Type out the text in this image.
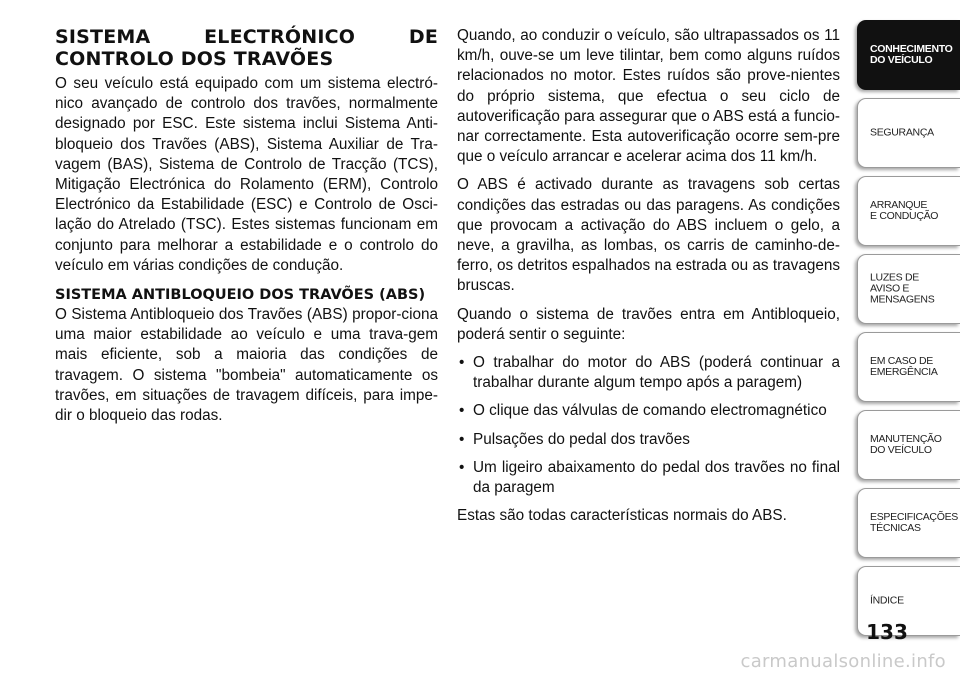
SISTEMA ELECTRÓNICO DE CONTROLO DOS TRAVÕES

O seu veículo está equipado com um sistema electró-nico avançado de controlo dos travões, normalmente designado por ESC. Este sistema inclui Sistema Anti-bloqueio dos Travões (ABS), Sistema Auxiliar de Tra-vagem (BAS), Sistema de Controlo de Tracção (TCS), Mitigação Electrónica do Rolamento (ERM), Controlo Electrónico da Estabilidade (ESC) e Controlo de Osci-lação do Atrelado (TSC). Estes sistemas funcionam em conjunto para melhorar a estabilidade e o controlo do veículo em várias condições de condução.

SISTEMA ANTIBLOQUEIO DOS TRAVÕES (ABS)

O Sistema Antibloqueio dos Travões (ABS) propor-ciona uma maior estabilidade ao veículo e uma trava-gem mais eficiente, sob a maioria das condições de travagem. O sistema "bombeia" automaticamente os travões, em situações de travagem difíceis, para impe-dir o bloqueio das rodas.

Quando, ao conduzir o veículo, são ultrapassados os 11 km/h, ouve-se um leve tilintar, bem como alguns ruídos relacionados no motor. Estes ruídos são prove-nientes do próprio sistema, que efectua o seu ciclo de autoverificação para assegurar que o ABS está a funcio-nar correctamente. Esta autoverificação ocorre sem-pre que o veículo arrancar e acelerar acima dos 11 km/h.

O ABS é activado durante as travagens sob certas condições das estradas ou das paragens. As condições que provocam a activação do ABS incluem o gelo, a neve, a gravilha, as lombas, os carris de caminho-de-ferro, os detritos espalhados na estrada ou as travagens bruscas.

Quando o sistema de travões entra em Antibloqueio, poderá sentir o seguinte:

• O trabalhar do motor do ABS (poderá continuar a trabalhar durante algum tempo após a paragem)
• O clique das válvulas de comando electromagnético
• Pulsações do pedal dos travões
• Um ligeiro abaixamento do pedal dos travões no final da paragem

Estas são todas características normais do ABS.

CONHECIMENTO
DO VEÍCULO
SEGURANÇA
ARRANQUE
E CONDUÇÃO
LUZES DE
AVISO E
MENSAGENS
EM CASO DE
EMERGÊNCIA
MANUTENÇÃO
DO VEÍCULO
ESPECIFICAÇÕES
TÉCNICAS
ÍNDICE
133
carmanualsonline.info
